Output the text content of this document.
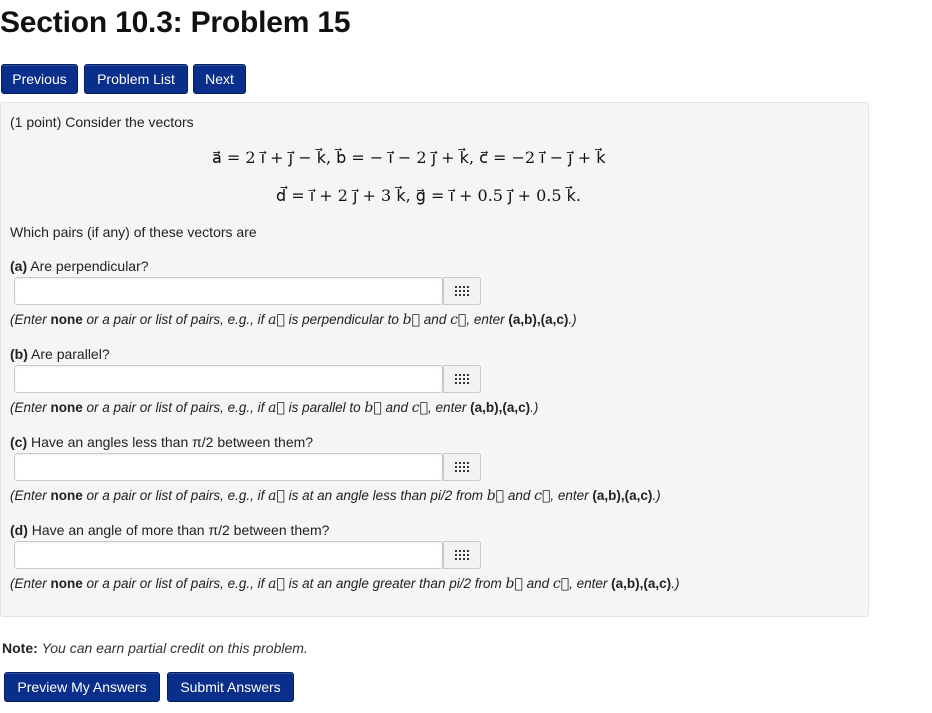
Section 10.3: Problem 15
Previous	Problem List	Next
(1 point) Consider the vectors
a⃗ = 2 i⃗ + j⃗ − k⃗, b⃗ = − i⃗ − 2 j⃗ + k⃗, c⃗ = −2 i⃗ − j⃗ + k⃗
d⃗ = i⃗ + 2 j⃗ + 3 k⃗, g⃗ = i⃗ + 0.5 j⃗ + 0.5 k⃗.
Which pairs (if any) of these vectors are
(a) Are perpendicular?
(Enter none or a pair or list of pairs, e.g., if a⃗ is perpendicular to b⃗ and c⃗, enter (a,b),(a,c).)
(b) Are parallel?
(Enter none or a pair or list of pairs, e.g., if a⃗ is parallel to b⃗ and c⃗, enter (a,b),(a,c).)
(c) Have an angles less than π/2 between them?
(Enter none or a pair or list of pairs, e.g., if a⃗ is at an angle less than pi/2 from b⃗ and c⃗, enter (a,b),(a,c).)
(d) Have an angle of more than π/2 between them?
(Enter none or a pair or list of pairs, e.g., if a⃗ is at an angle greater than pi/2 from b⃗ and c⃗, enter (a,b),(a,c).)
Note: You can earn partial credit on this problem.
Preview My Answers	Submit Answers
